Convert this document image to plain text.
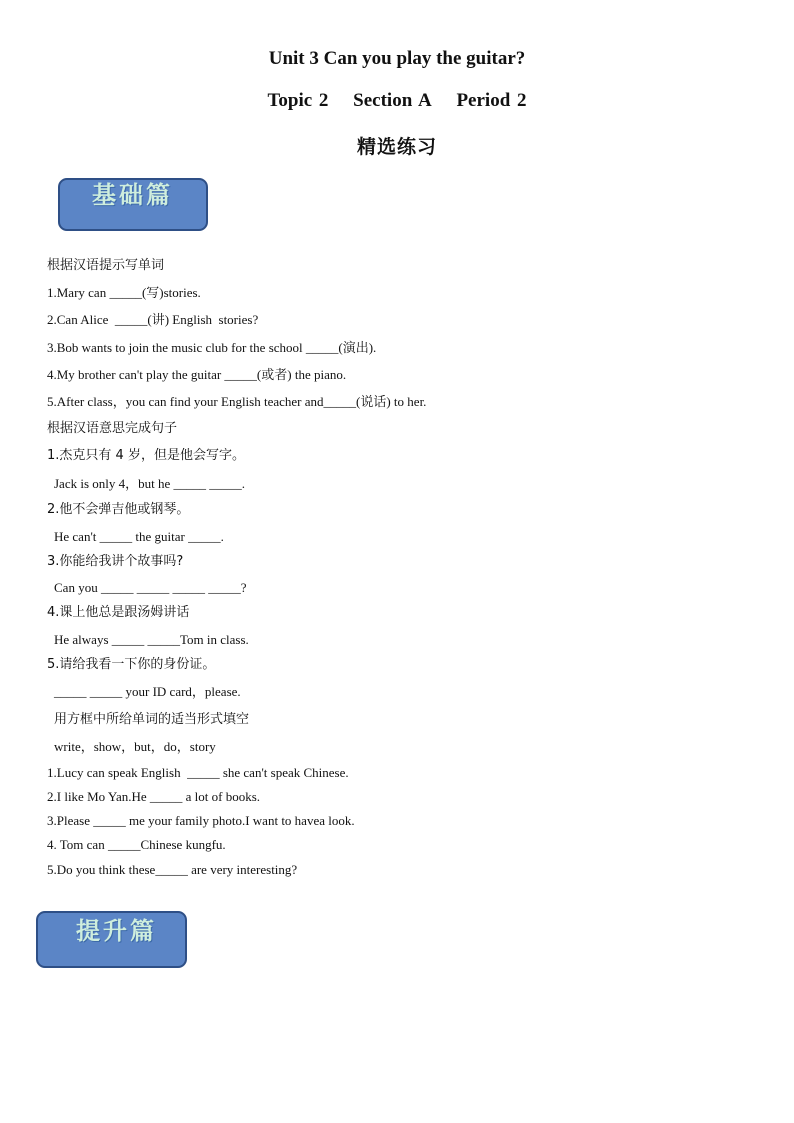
Unit 3 Can you play the guitar?
Topic 2 Section A Period 2
精选练习
基础篇
根据汉语提示写单词
1.Mary can _____(写)stories.
2.Can Alice  _____(讲) English  stories?
3.Bob wants to join the music club for the school _____(演出).
4.My brother can't play the guitar _____(或者) the piano.
5.After class，you can find your English teacher and_____(说话) to her.
根据汉语意思完成句子
1.杰克只有 4 岁，但是他会写字。
Jack is only 4，but he _____ _____.
2.他不会弹吉他或钢琴。
He can't _____ the guitar _____.
3.你能给我讲个故事吗?
Can you _____ _____ _____ _____?
4.课上他总是跟汤姆讲话
He always _____ _____Tom in class.
5.请给我看一下你的身份证。
_____ _____ your ID card，please.
用方框中所给单词的适当形式填空
write，show，but，do，story
1.Lucy can speak English  _____ she can't speak Chinese.
2.I like Mo Yan.He _____ a lot of books.
3.Please _____ me your family photo.I want to havea look.
4. Tom can _____Chinese kungfu.
5.Do you think these_____ are very interesting?
提升篇
